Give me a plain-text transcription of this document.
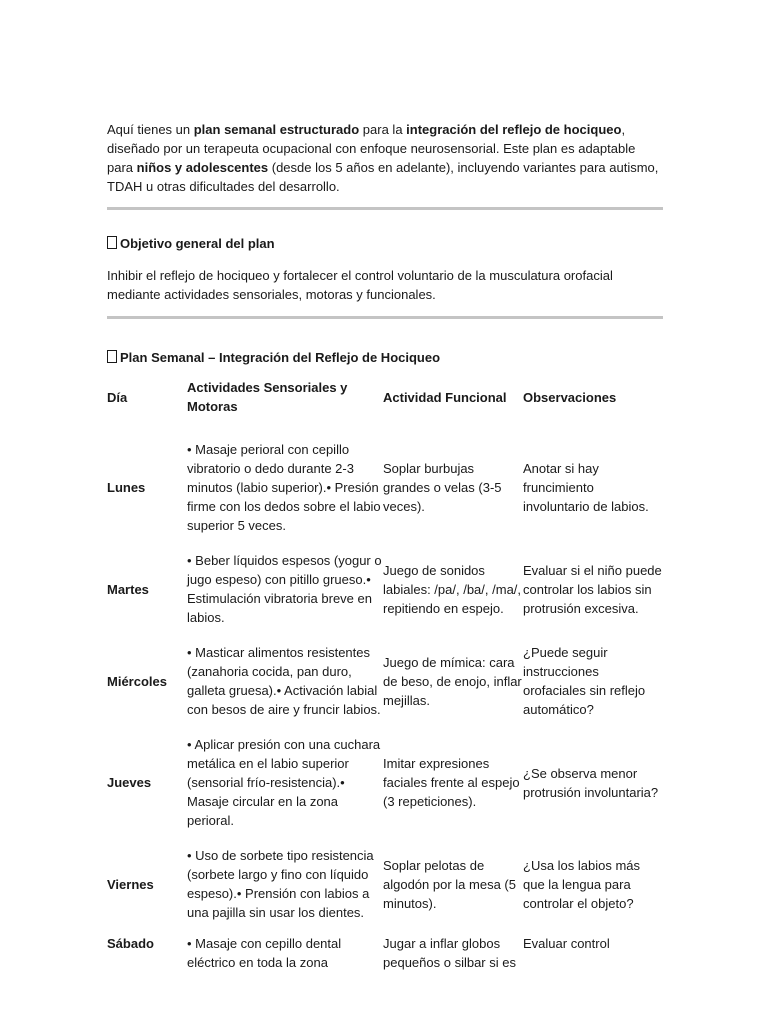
Aquí tienes un plan semanal estructurado para la integración del reflejo de hociqueo, diseñado por un terapeuta ocupacional con enfoque neurosensorial. Este plan es adaptable para niños y adolescentes (desde los 5 años en adelante), incluyendo variantes para autismo, TDAH u otras dificultades del desarrollo.

Objetivo general del plan

Inhibir el reflejo de hociqueo y fortalecer el control voluntario de la musculatura orofacial mediante actividades sensoriales, motoras y funcionales.

Plan Semanal – Integración del Reflejo de Hociqueo

Día	Actividades Sensoriales y Motoras	Actividad Funcional	Observaciones
Lunes	• Masaje perioral con cepillo vibratorio o dedo durante 2-3 minutos (labio superior).• Presión firme con los dedos sobre el labio superior 5 veces.	Soplar burbujas grandes o velas (3-5 veces).	Anotar si hay fruncimiento involuntario de labios.
Martes	• Beber líquidos espesos (yogur o jugo espeso) con pitillo grueso.• Estimulación vibratoria breve en labios.	Juego de sonidos labiales: /pa/, /ba/, /ma/, repitiendo en espejo.	Evaluar si el niño puede controlar los labios sin protrusión excesiva.
Miércoles	• Masticar alimentos resistentes (zanahoria cocida, pan duro, galleta gruesa).• Activación labial con besos de aire y fruncir labios.	Juego de mímica: cara de beso, de enojo, inflar mejillas.	¿Puede seguir instrucciones orofaciales sin reflejo automático?
Jueves	• Aplicar presión con una cuchara metálica en el labio superior (sensorial frío-resistencia).• Masaje circular en la zona perioral.	Imitar expresiones faciales frente al espejo (3 repeticiones).	¿Se observa menor protrusión involuntaria?
Viernes	• Uso de sorbete tipo resistencia (sorbete largo y fino con líquido espeso).• Prensión con labios a una pajilla sin usar los dientes.	Soplar pelotas de algodón por la mesa (5 minutos).	¿Usa los labios más que la lengua para controlar el objeto?
Sábado	• Masaje con cepillo dental eléctrico en toda la zona	Jugar a inflar globos pequeños o silbar si es	Evaluar control
